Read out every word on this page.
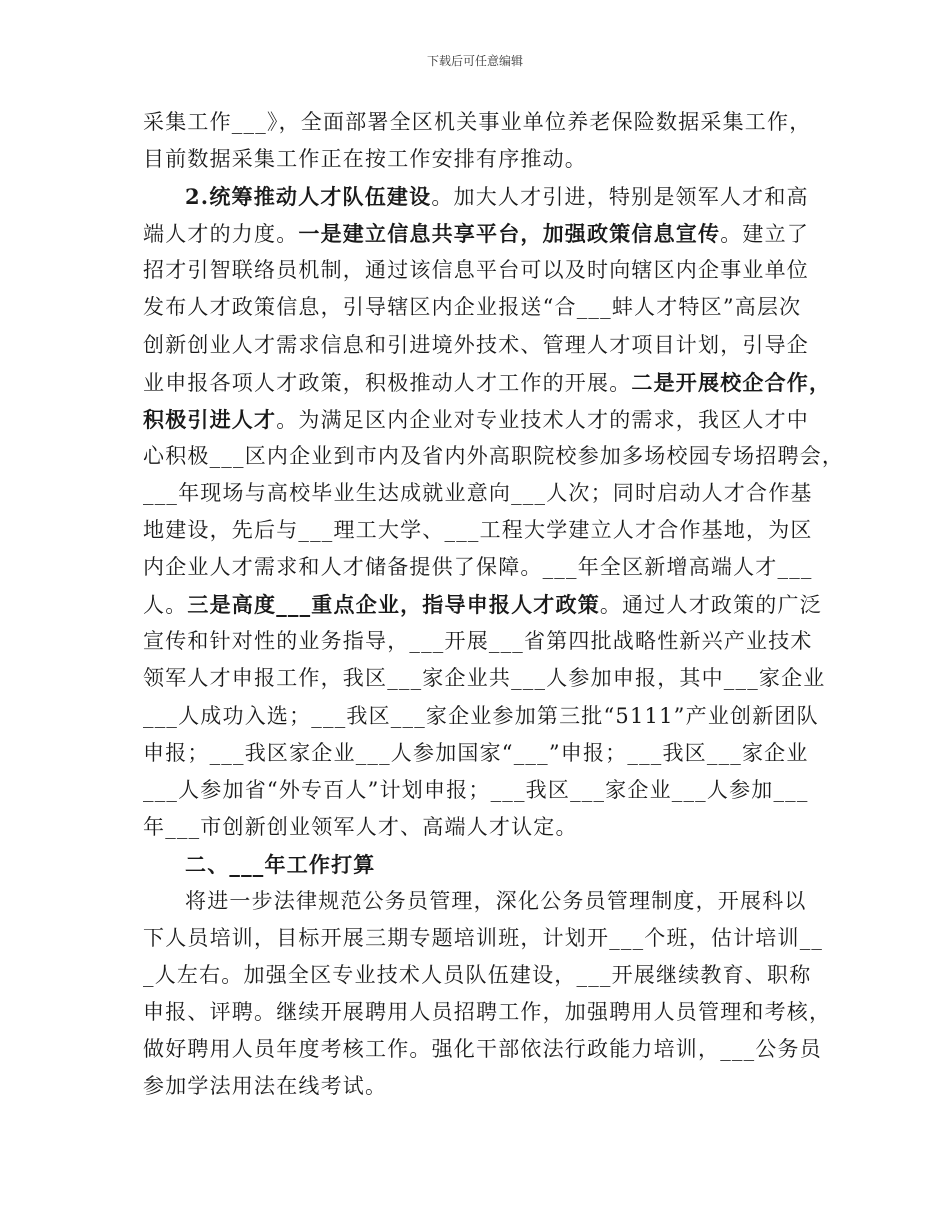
下载后可任意编辑
采集工作___》，全面部署全区机关事业单位养老保险数据采集工作，
目前数据采集工作正在按工作安排有序推动。
2.统筹推动人才队伍建设。加大人才引进，特别是领军人才和高
端人才的力度。一是建立信息共享平台，加强政策信息宣传。建立了
招才引智联络员机制，通过该信息平台可以及时向辖区内企事业单位
发布人才政策信息，引导辖区内企业报送“合___蚌人才特区”高层次
创新创业人才需求信息和引进境外技术、管理人才项目计划，引导企
业申报各项人才政策，积极推动人才工作的开展。二是开展校企合作，
积极引进人才。为满足区内企业对专业技术人才的需求，我区人才中
心积极___区内企业到市内及省内外高职院校参加多场校园专场招聘会，
___年现场与高校毕业生达成就业意向___人次；同时启动人才合作基
地建设，先后与___理工大学、___工程大学建立人才合作基地，为区
内企业人才需求和人才储备提供了保障。___年全区新增高端人才___
人。三是高度___重点企业，指导申报人才政策。通过人才政策的广泛
宣传和针对性的业务指导，___开展___省第四批战略性新兴产业技术
领军人才申报工作，我区___家企业共___人参加申报，其中___家企业
___人成功入选；___我区___家企业参加第三批“5111”产业创新团队
申报；___我区家企业___人参加国家“___”申报；___我区___家企业
___人参加省“外专百人”计划申报；___我区___家企业___人参加___
年___市创新创业领军人才、高端人才认定。
二、___年工作打算
将进一步法律规范公务员管理，深化公务员管理制度，开展科以
下人员培训，目标开展三期专题培训班，计划开___个班，估计培训__
_人左右。加强全区专业技术人员队伍建设，___开展继续教育、职称
申报、评聘。继续开展聘用人员招聘工作，加强聘用人员管理和考核，
做好聘用人员年度考核工作。强化干部依法行政能力培训，___公务员
参加学法用法在线考试。
